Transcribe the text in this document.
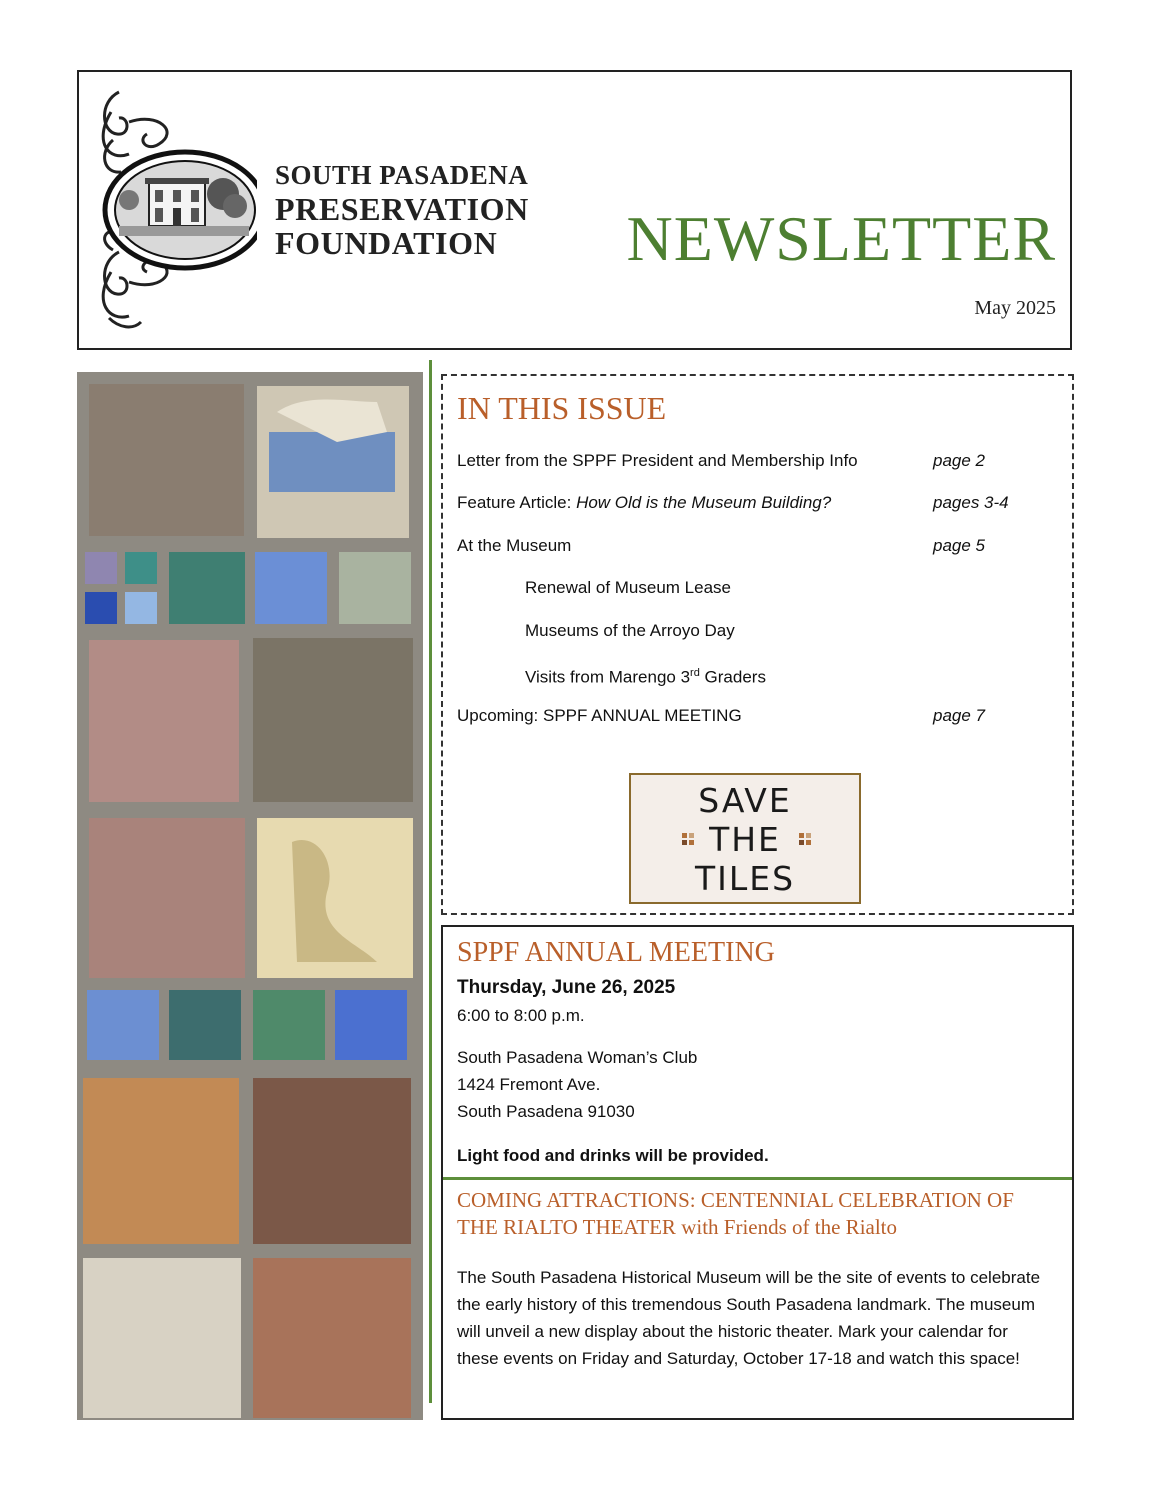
SOUTH PASADENA
PRESERVATION
FOUNDATION	NEWSLETTER
May 2025
IN THIS ISSUE
Letter from the SPPF President and Membership Info	page 2
Feature Article: How Old is the Museum Building?	pages 3-4
At the Museum	page 5
Renewal of Museum Lease
Museums of the Arroyo Day
Visits from Marengo 3rd Graders
Upcoming: SPPF ANNUAL MEETING	page 7
SAVE
THE
TILES
SPPF ANNUAL MEETING
Thursday, June 26, 2025
6:00 to 8:00 p.m.
South Pasadena Woman’s Club
1424 Fremont Ave.
South Pasadena 91030
Light food and drinks will be provided.
COMING ATTRACTIONS: CENTENNIAL CELEBRATION OF THE RIALTO THEATER with Friends of the Rialto
The South Pasadena Historical Museum will be the site of events to celebrate the early history of this tremendous South Pasadena landmark. The museum will unveil a new display about the historic theater. Mark your calendar for these events on Friday and Saturday, October 17-18 and watch this space!
